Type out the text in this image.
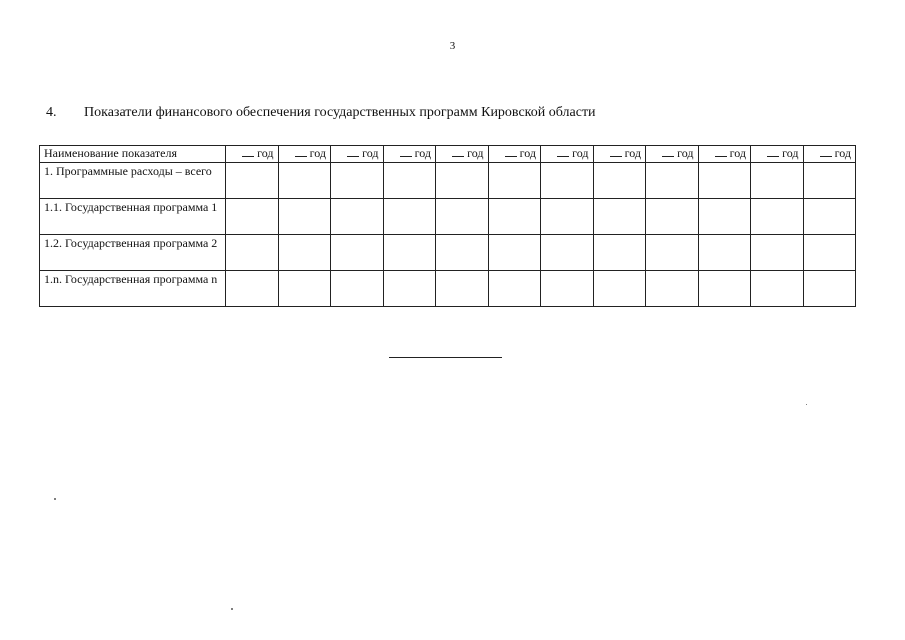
3
4. Показатели финансового обеспечения государственных программ Кировской области
Наименование показателя	год	год	год	год	год	год	год	год	год	год	год	год
1. Программные расходы – всего												
1.1. Государственная программа 1												
1.2. Государственная программа 2												
1.n. Государственная программа n												
